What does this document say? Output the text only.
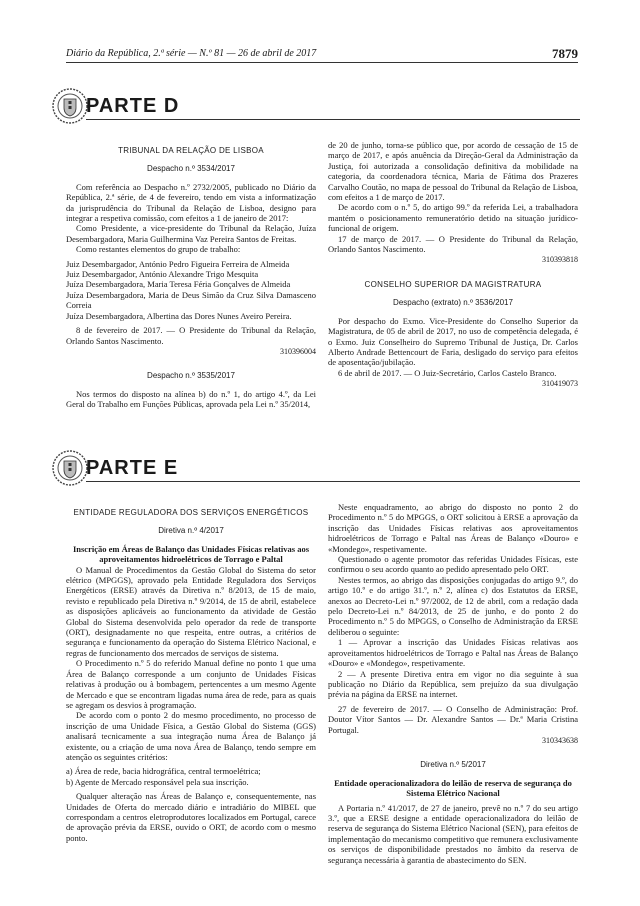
Diário da República, 2.ª série — N.º 81 — 26 de abril de 2017	7879
PARTE D

TRIBUNAL DA RELAÇÃO DE LISBOA

Despacho n.º 3534/2017

Com referência ao Despacho n.º 2732/2005, publicado no Diário da República, 2.ª série, de 4 de fevereiro, tendo em vista a informatização da jurisprudência do Tribunal da Relação de Lisboa, designo para integrar a respetiva comissão, com efeitos a 1 de janeiro de 2017:

Como Presidente, a vice-presidente do Tribunal da Relação, Juíza Desembargadora, Maria Guilhermina Vaz Pereira Santos de Freitas.

Como restantes elementos do grupo de trabalho:

Juiz Desembargador, António Pedro Figueira Ferreira de Almeida

Juiz Desembargador, António Alexandre Trigo Mesquita

Juíza Desembargadora, Maria Teresa Féria Gonçalves de Almeida

Juíza Desembargadora, Maria de Deus Simão da Cruz Silva Damasceno Correia

Juíza Desembargadora, Albertina das Dores Nunes Aveiro Pereira.

8 de fevereiro de 2017. — O Presidente do Tribunal da Relação, Orlando Santos Nascimento.

310396004

Despacho n.º 3535/2017

Nos termos do disposto na alínea b) do n.º 1, do artigo 4.º, da Lei Geral do Trabalho em Funções Públicas, aprovada pela Lei n.º 35/2014,

de 20 de junho, torna-se público que, por acordo de cessação de 15 de março de 2017, e após anuência da Direção-Geral da Administração da Justiça, foi autorizada a consolidação definitiva da mobilidade na categoria, da coordenadora técnica, Maria de Fátima dos Prazeres Carvalho Coutão, no mapa de pessoal do Tribunal da Relação de Lisboa, com efeitos a 1 de março de 2017.

De acordo com o n.º 5, do artigo 99.º da referida Lei, a trabalhadora mantém o posicionamento remuneratório detido na situação jurídico-funcional de origem.

17 de março de 2017. — O Presidente do Tribunal da Relação, Orlando Santos Nascimento.

310393818

CONSELHO SUPERIOR DA MAGISTRATURA

Despacho (extrato) n.º 3536/2017

Por despacho do Exmo. Vice-Presidente do Conselho Superior da Magistratura, de 05 de abril de 2017, no uso de competência delegada, é o Exmo. Juiz Conselheiro do Supremo Tribunal de Justiça, Dr. Carlos Alberto Andrade Bettencourt de Faria, desligado do serviço para efeitos de aposentação/jubilação.

6 de abril de 2017. — O Juiz-Secretário, Carlos Castelo Branco.

310419073

PARTE E

ENTIDADE REGULADORA DOS SERVIÇOS ENERGÉTICOS

Diretiva n.º 4/2017

Inscrição em Áreas de Balanço das Unidades Físicas relativas aos aproveitamentos hidroelétricos de Torrago e Paltal

O Manual de Procedimentos da Gestão Global do Sistema do setor elétrico (MPGGS), aprovado pela Entidade Reguladora dos Serviços Energéticos (ERSE) através da Diretiva n.º 8/2013, de 15 de maio, revisto e republicado pela Diretiva n.º 9/2014, de 15 de abril, estabelece as disposições aplicáveis ao funcionamento da atividade de Gestão Global do Sistema desenvolvida pelo operador da rede de transporte (ORT), designadamente no que respeita, entre outras, a critérios de segurança e funcionamento da operação do Sistema Elétrico Nacional, e regras de funcionamento dos mercados de serviços de sistema.

O Procedimento n.º 5 do referido Manual define no ponto 1 que uma Área de Balanço corresponde a um conjunto de Unidades Físicas relativas à produção ou à bombagem, pertencentes a um mesmo Agente de Mercado e que se encontram ligadas numa área de rede, para as quais se agregam os desvios à programação.

De acordo com o ponto 2 do mesmo procedimento, no processo de inscrição de uma Unidade Física, a Gestão Global do Sistema (GGS) analisará tecnicamente a sua integração numa Área de Balanço já existente, ou a criação de uma nova Área de Balanço, tendo sempre em atenção os seguintes critérios:

a) Área de rede, bacia hidrográfica, central termoelétrica;

b) Agente de Mercado responsável pela sua inscrição.

Qualquer alteração nas Áreas de Balanço e, consequentemente, nas Unidades de Oferta do mercado diário e intradiário do MIBEL que correspondam a centros eletroprodutores localizados em Portugal, carece de aprovação prévia da ERSE, ouvido o ORT, de acordo com o mesmo ponto.

Neste enquadramento, ao abrigo do disposto no ponto 2 do Procedimento n.º 5 do MPGGS, o ORT solicitou à ERSE a aprovação da inscrição das Unidades Físicas relativas aos aproveitamentos hidroelétricos de Torrago e Paltal nas Áreas de Balanço «Douro» e «Mondego», respetivamente.

Questionado o agente promotor das referidas Unidades Físicas, este confirmou o seu acordo quanto ao pedido apresentado pelo ORT.

Nestes termos, ao abrigo das disposições conjugadas do artigo 9.º, do artigo 10.º e do artigo 31.º, n.º 2, alínea c) dos Estatutos da ERSE, anexos ao Decreto-Lei n.º 97/2002, de 12 de abril, com a redação dada pelo Decreto-Lei n.º 84/2013, de 25 de junho, e do ponto 2 do Procedimento n.º 5 do MPGGS, o Conselho de Administração da ERSE deliberou o seguinte:

1 — Aprovar a inscrição das Unidades Físicas relativas aos aproveitamentos hidroelétricos de Torrago e Paltal nas Áreas de Balanço «Douro» e «Mondego», respetivamente.

2 — A presente Diretiva entra em vigor no dia seguinte à sua publicação no Diário da República, sem prejuízo da sua divulgação prévia na página da ERSE na internet.

27 de fevereiro de 2017. — O Conselho de Administração: Prof. Doutor Vítor Santos — Dr. Alexandre Santos — Dr.ª Maria Cristina Portugal.

310343638

Diretiva n.º 5/2017

Entidade operacionalizadora do leilão de reserva de segurança do Sistema Elétrico Nacional

A Portaria n.º 41/2017, de 27 de janeiro, prevê no n.º 7 do seu artigo 3.º, que a ERSE designe a entidade operacionalizadora do leilão de reserva de segurança do Sistema Elétrico Nacional (SEN), para efeitos de implementação do mecanismo competitivo que remunera exclusivamente os serviços de disponibilidade prestados no âmbito da reserva de segurança necessária à garantia de abastecimento do SEN.
